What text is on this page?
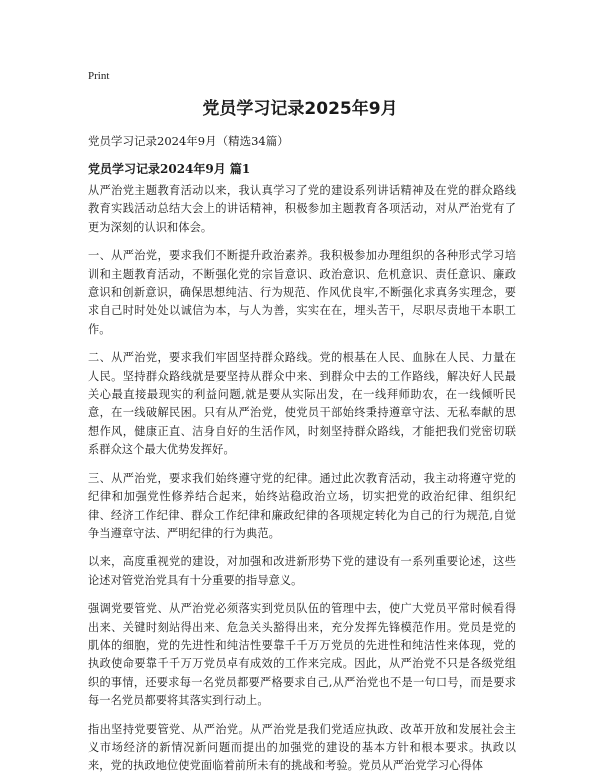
Print
党员学习记录2025年9月
党员学习记录2024年9月（精选34篇）
党员学习记录2024年9月 篇1

从严治党主题教育活动以来，我认真学习了党的建设系列讲话精神及在党的群众路线教育实践活动总结大会上的讲话精神，积极参加主题教育各项活动，对从严治党有了更为深刻的认识和体会。

一、从严治党，要求我们不断提升政治素养。我积极参加办理组织的各种形式学习培训和主题教育活动，不断强化党的宗旨意识、政治意识、危机意识、责任意识、廉政意识和创新意识，确保思想纯洁、行为规范、作风优良牢,不断强化求真务实理念，要求自己时时处处以诚信为本，与人为善，实实在在，埋头苦干，尽职尽责地干本职工作。

二、从严治党，要求我们牢固坚持群众路线。党的根基在人民、血脉在人民、力量在人民。坚持群众路线就是要坚持从群众中来、到群众中去的工作路线，解决好人民最关心最直接最现实的利益问题,就是要从实际出发，在一线拜师助农，在一线倾听民意，在一线破解民困。只有从严治党，使党员干部始终秉持遵章守法、无私奉献的思想作风，健康正直、洁身自好的生活作风，时刻坚持群众路线，才能把我们党密切联系群众这个最大优势发挥好。

三、从严治党，要求我们始终遵守党的纪律。通过此次教育活动，我主动将遵守党的纪律和加强党性修养结合起来，始终站稳政治立场，切实把党的政治纪律、组织纪律、经济工作纪律、群众工作纪律和廉政纪律的各项规定转化为自己的行为规范,自觉争当遵章守法、严明纪律的行为典范。

以来，高度重视党的建设，对加强和改进新形势下党的建设有一系列重要论述，这些论述对管党治党具有十分重要的指导意义。

强调党要管党、从严治党必须落实到党员队伍的管理中去，使广大党员平常时候看得出来、关键时刻站得出来、危急关头豁得出来，充分发挥先锋模范作用。党员是党的肌体的细胞，党的先进性和纯洁性要靠千千万万党员的先进性和纯洁性来体现，党的执政使命要靠千千万万党员卓有成效的工作来完成。因此，从严治党不只是各级党组织的事情，还要求每一名党员都要严格要求自己,从严治党也不是一句口号，而是要求每一名党员都要将其落实到行动上。

指出坚持党要管党、从严治党。从严治党是我们党适应执政、改革开放和发展社会主义市场经济的新情况新问题而提出的加强党的建设的基本方针和根本要求。执政以来，党的执政地位使党面临着前所未有的挑战和考验。党员从严治党学习心得体
